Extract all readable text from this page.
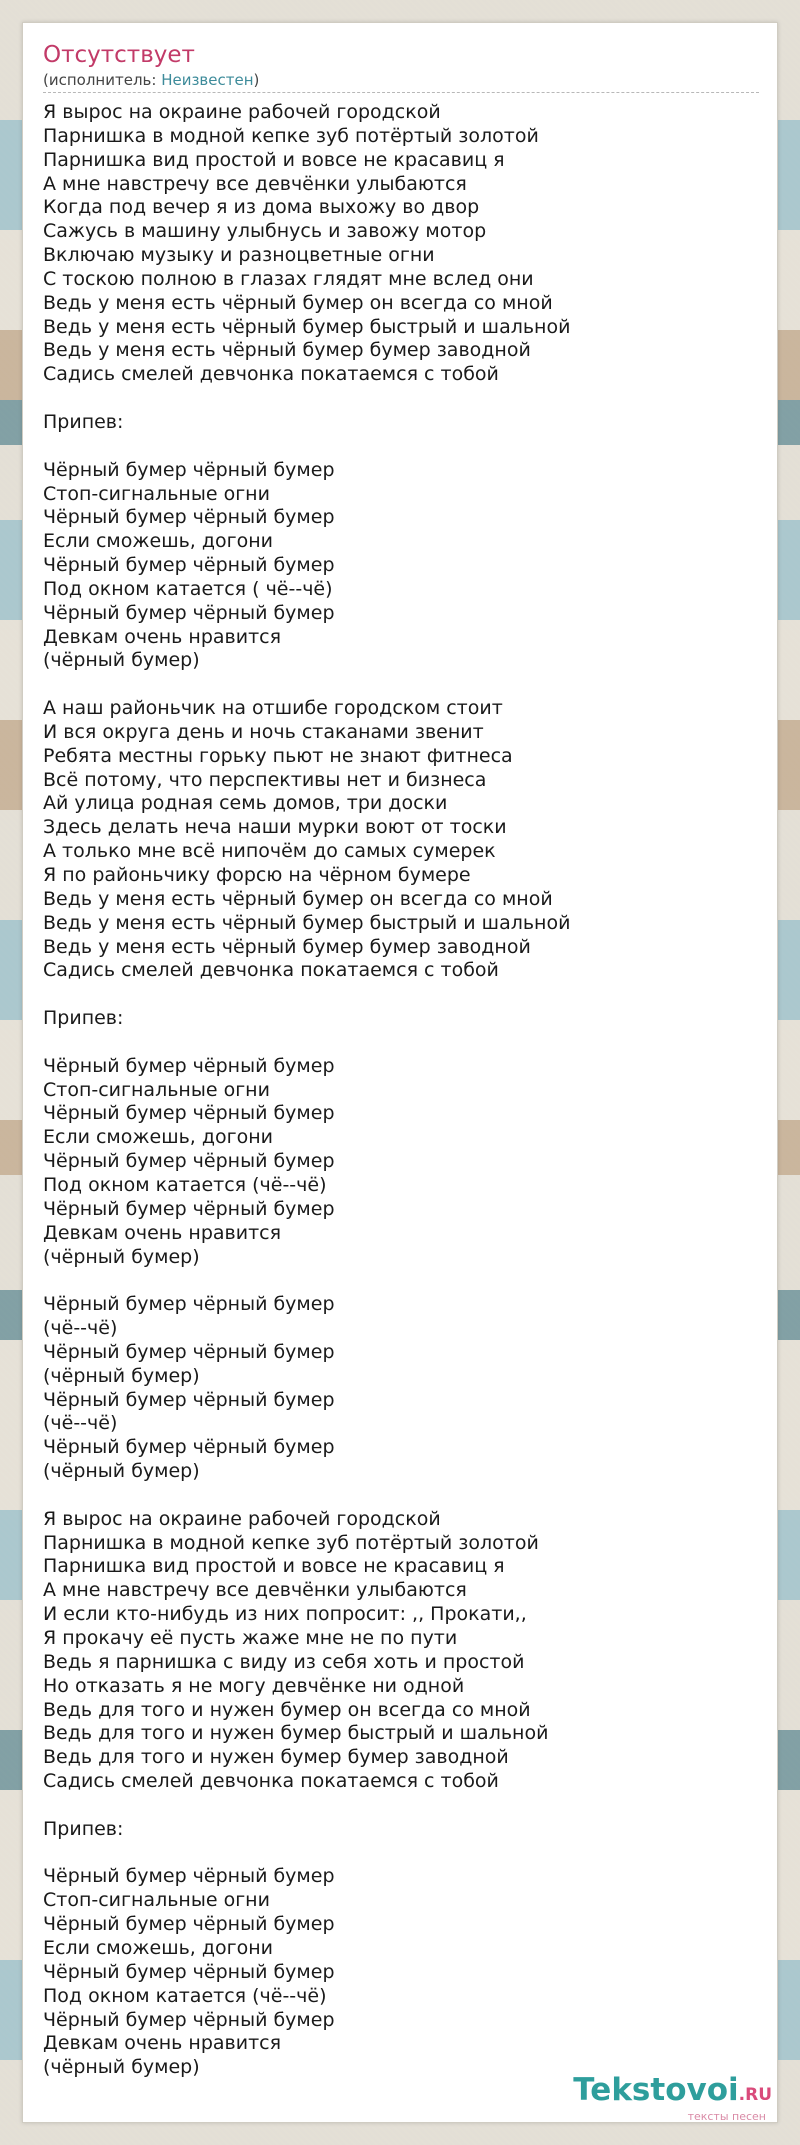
Отсутствует
(исполнитель: Неизвестен)
Я вырос на окраине рабочей городской
Парнишка в модной кепке зуб потёртый золотой
Парнишка вид простой и вовсе не красавиц я
А мне навстречу все девчёнки улыбаются
Когда под вечер я из дома выхожу во двор
Сажусь в машину улыбнусь и завожу мотор
Включаю музыку и разноцветные огни
С тоскою полною в глазах глядят мне вслед они
Ведь у меня есть чёрный бумер он всегда со мной
Ведь у меня есть чёрный бумер быстрый и шальной
Ведь у меня есть чёрный бумер бумер заводной
Садись смелей девчонка покатаемся с тобой
Припев:
Чёрный бумер чёрный бумер
Стоп-сигнальные огни
Чёрный бумер чёрный бумер
Если сможешь, догони
Чёрный бумер чёрный бумер
Под окном катается ( чё--чё)
Чёрный бумер чёрный бумер
Девкам очень нравится
(чёрный бумер)
А наш районьчик на отшибе городском стоит
И вся округа день и ночь стаканами звенит
Ребята местны горьку пьют не знают фитнеса
Всё потому, что перспективы нет и бизнеса
Ай улица родная семь домов, три доски
Здесь делать неча наши мурки воют от тоски
А только мне всё нипочём до самых сумерек
Я по районьчику форсю на чёрном бумере
Ведь у меня есть чёрный бумер он всегда со мной
Ведь у меня есть чёрный бумер быстрый и шальной
Ведь у меня есть чёрный бумер бумер заводной
Садись смелей девчонка покатаемся с тобой
Припев:
Чёрный бумер чёрный бумер
Стоп-сигнальные огни
Чёрный бумер чёрный бумер
Если сможешь, догони
Чёрный бумер чёрный бумер
Под окном катается (чё--чё)
Чёрный бумер чёрный бумер
Девкам очень нравится
(чёрный бумер)
Чёрный бумер чёрный бумер
(чё--чё)
Чёрный бумер чёрный бумер
(чёрный бумер)
Чёрный бумер чёрный бумер
(чё--чё)
Чёрный бумер чёрный бумер
(чёрный бумер)
Я вырос на окраине рабочей городской
Парнишка в модной кепке зуб потёртый золотой
Парнишка вид простой и вовсе не красавиц я
А мне навстречу все девчёнки улыбаются
И если кто-нибудь из них попросит: ,, Прокати,,
Я прокачу её пусть жаже мне не по пути
Ведь я парнишка с виду из себя хоть и простой
Но отказать я не могу девчёнке ни одной
Ведь для того и нужен бумер он всегда со мной
Ведь для того и нужен бумер быстрый и шальной
Ведь для того и нужен бумер бумер заводной
Садись смелей девчонка покатаемся с тобой
Припев:
Чёрный бумер чёрный бумер
Стоп-сигнальные огни
Чёрный бумер чёрный бумер
Если сможешь, догони
Чёрный бумер чёрный бумер
Под окном катается (чё--чё)
Чёрный бумер чёрный бумер
Девкам очень нравится
(чёрный бумер)
Tekstovoi.RU
тексты песен
